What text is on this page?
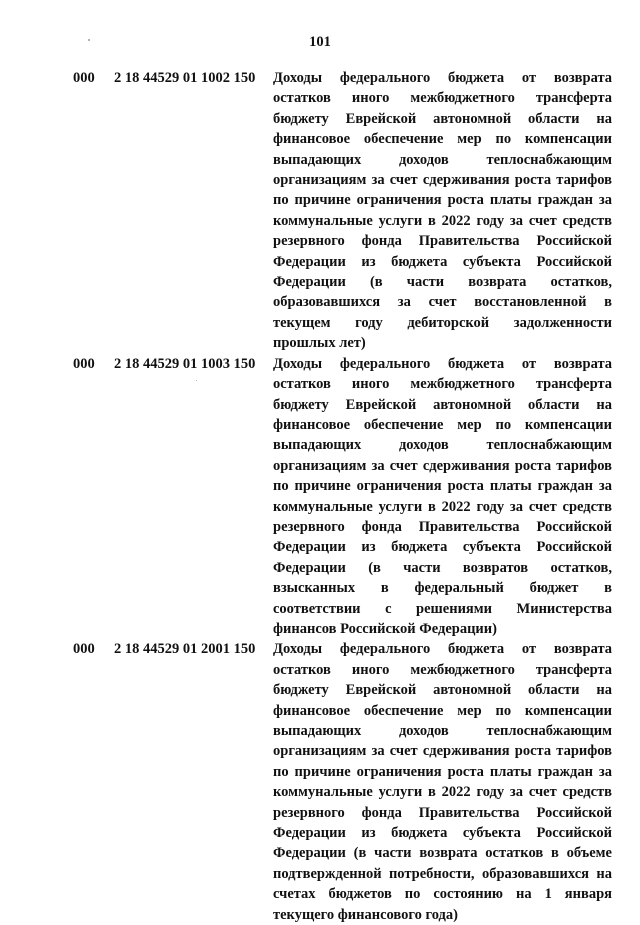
101
000 2 18 44529 01 1002 150 Доходы федерального бюджета от возврата остатков иного межбюджетного трансферта бюджету Еврейской автономной области на финансовое обеспечение мер по компенсации выпадающих доходов теплоснабжающим организациям за счет сдерживания роста тарифов по причине ограничения роста платы граждан за коммунальные услуги в 2022 году за счет средств резервного фонда Правительства Российской Федерации из бюджета субъекта Российской Федерации (в части возврата остатков, образовавшихся за счет восстановленной в текущем году дебиторской задолженности прошлых лет)
000 2 18 44529 01 1003 150 Доходы федерального бюджета от возврата остатков иного межбюджетного трансферта бюджету Еврейской автономной области на финансовое обеспечение мер по компенсации выпадающих доходов теплоснабжающим организациям за счет сдерживания роста тарифов по причине ограничения роста платы граждан за коммунальные услуги в 2022 году за счет средств резервного фонда Правительства Российской Федерации из бюджета субъекта Российской Федерации (в части возвратов остатков, взысканных в федеральный бюджет в соответствии с решениями Министерства финансов Российской Федерации)
000 2 18 44529 01 2001 150 Доходы федерального бюджета от возврата остатков иного межбюджетного трансферта бюджету Еврейской автономной области на финансовое обеспечение мер по компенсации выпадающих доходов теплоснабжающим организациям за счет сдерживания роста тарифов по причине ограничения роста платы граждан за коммунальные услуги в 2022 году за счет средств резервного фонда Правительства Российской Федерации из бюджета субъекта Российской Федерации (в части возврата остатков в объеме подтвержденной потребности, образовавшихся на счетах бюджетов по состоянию на 1 января текущего финансового года)
